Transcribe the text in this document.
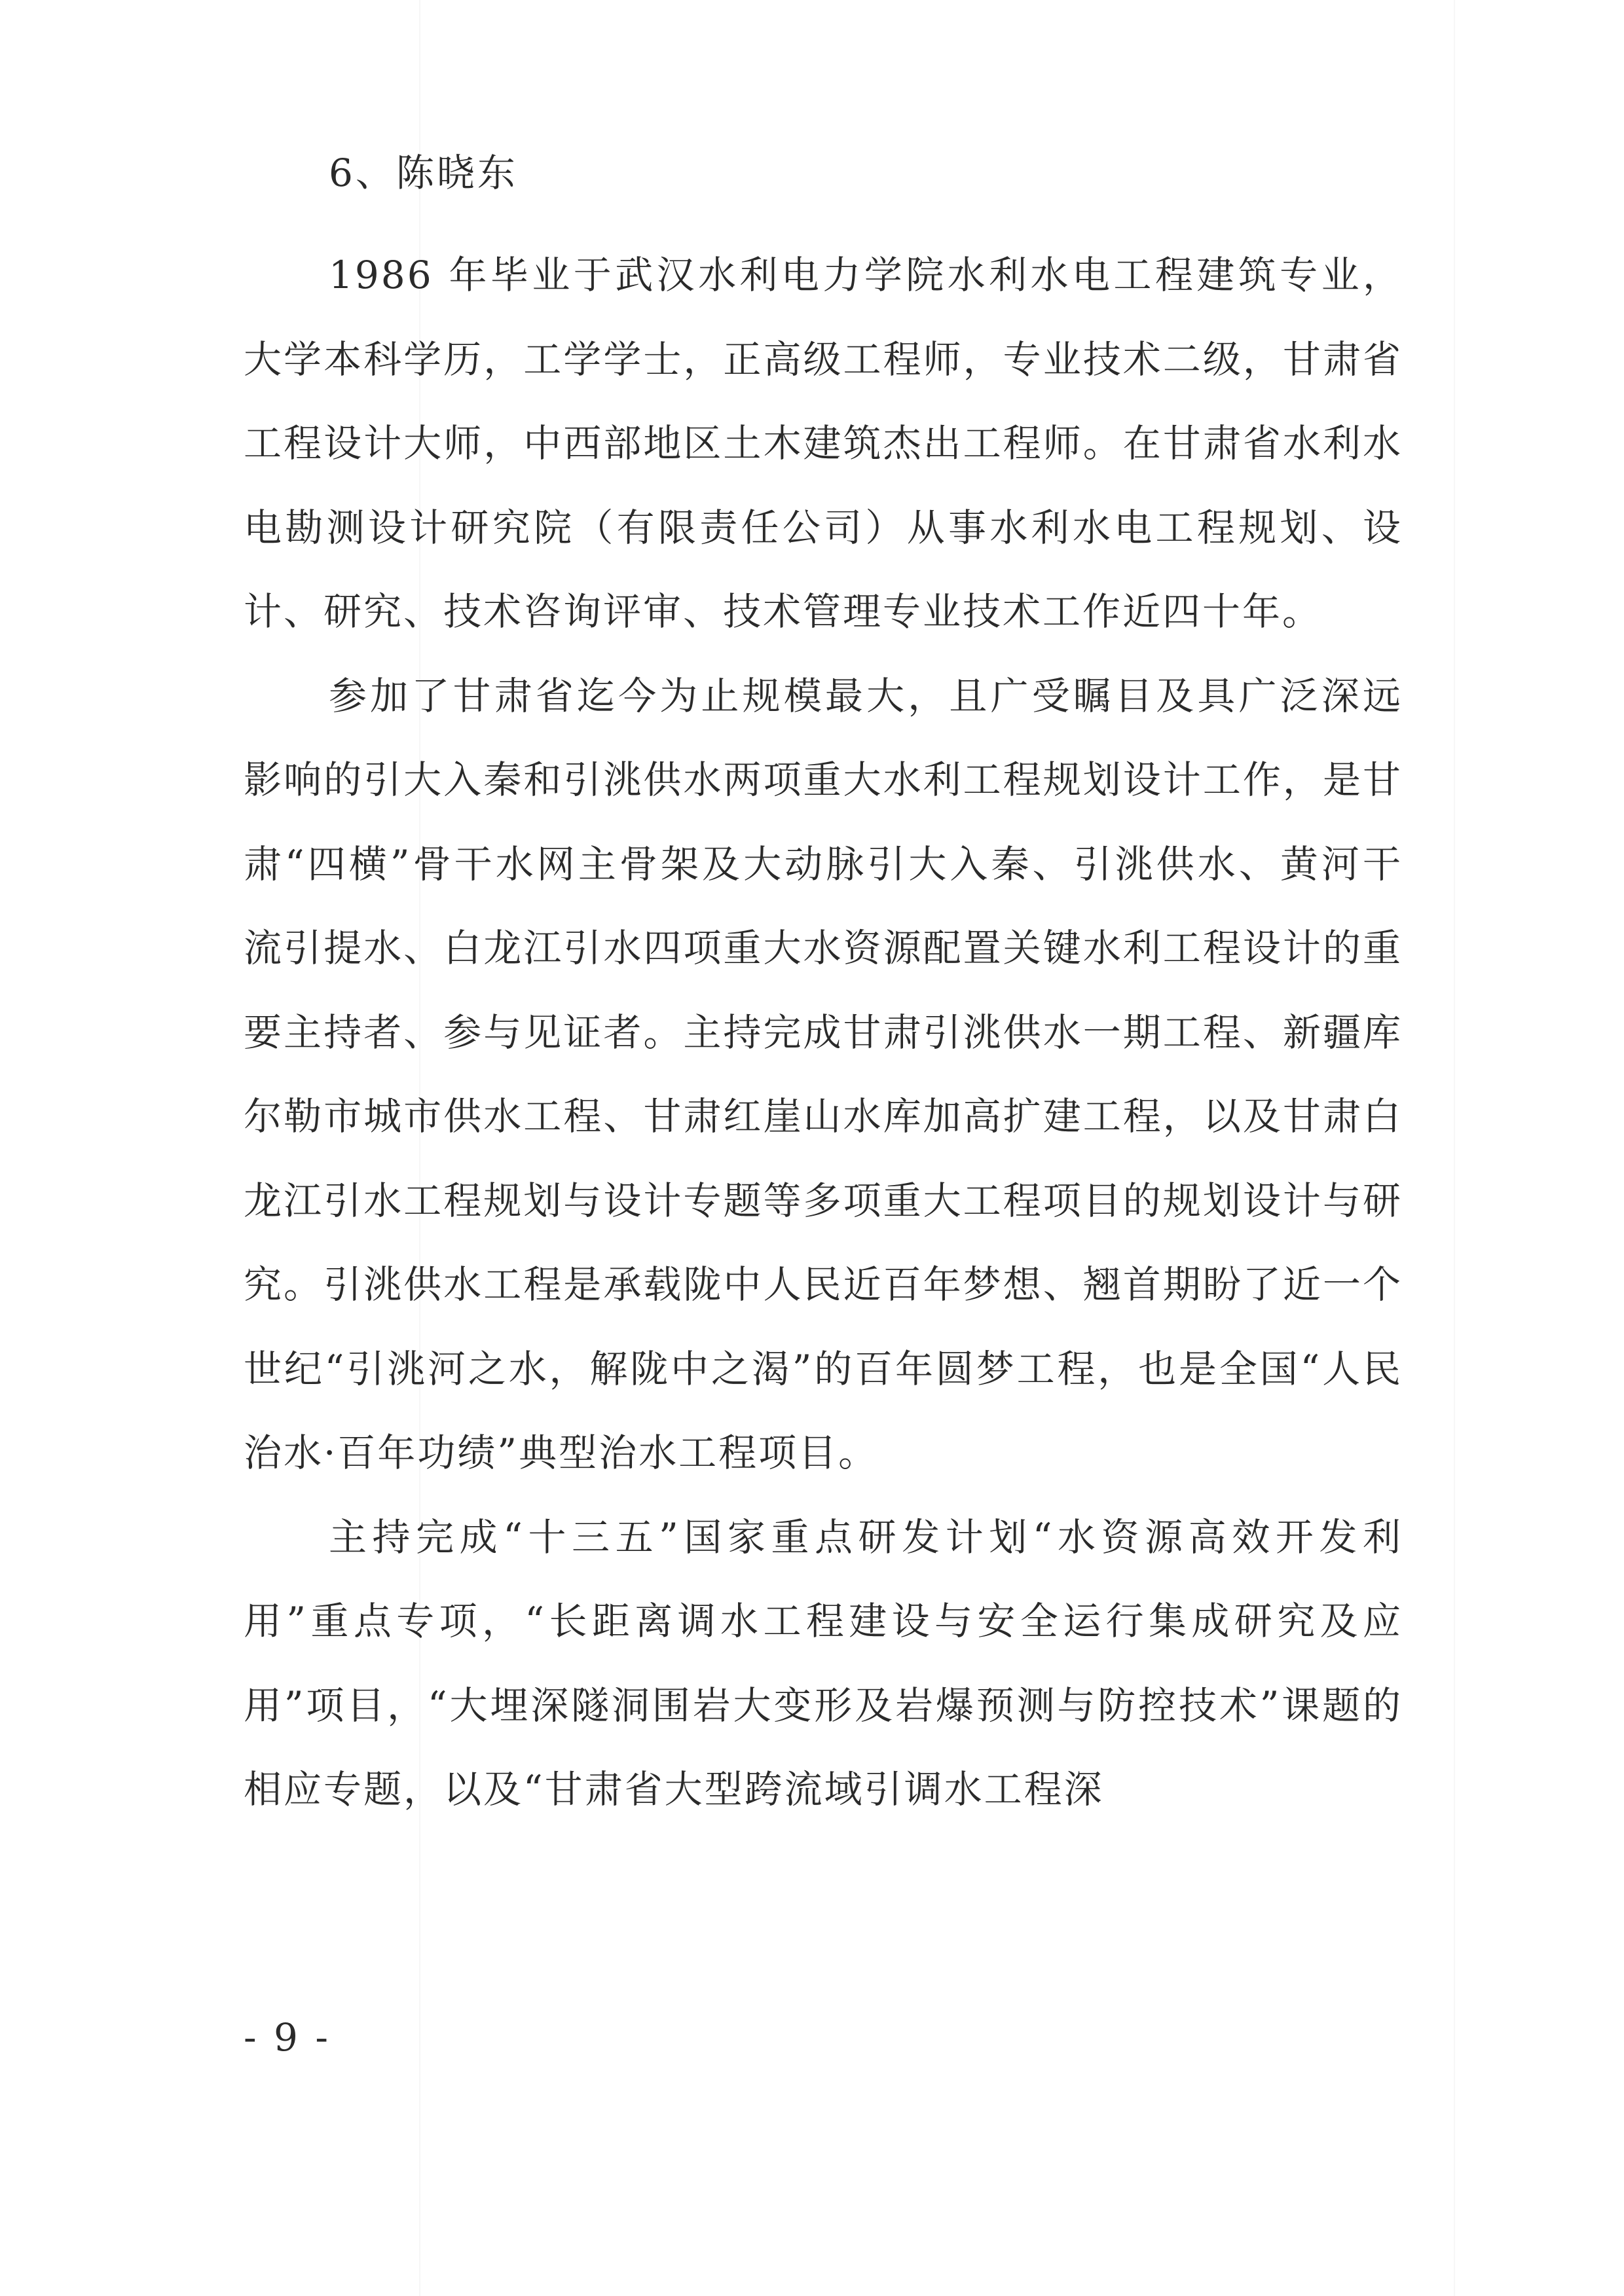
6、陈晓东

1986 年毕业于武汉水利电力学院水利水电工程建筑专业，大学本科学历，工学学士，正高级工程师，专业技术二级，甘肃省工程设计大师，中西部地区土木建筑杰出工程师。在甘肃省水利水电勘测设计研究院（有限责任公司）从事水利水电工程规划、设计、研究、技术咨询评审、技术管理专业技术工作近四十年。

参加了甘肃省迄今为止规模最大，且广受瞩目及具广泛深远影响的引大入秦和引洮供水两项重大水利工程规划设计工作，是甘肃“四横”骨干水网主骨架及大动脉引大入秦、引洮供水、黄河干流引提水、白龙江引水四项重大水资源配置关键水利工程设计的重要主持者、参与见证者。主持完成甘肃引洮供水一期工程、新疆库尔勒市城市供水工程、甘肃红崖山水库加高扩建工程，以及甘肃白龙江引水工程规划与设计专题等多项重大工程项目的规划设计与研究。引洮供水工程是承载陇中人民近百年梦想、翘首期盼了近一个世纪“引洮河之水，解陇中之渴”的百年圆梦工程，也是全国“人民治水·百年功绩”典型治水工程项目。

主持完成“十三五”国家重点研发计划“水资源高效开发利用”重点专项，“长距离调水工程建设与安全运行集成研究及应用”项目，“大埋深隧洞围岩大变形及岩爆预测与防控技术”课题的相应专题，以及“甘肃省大型跨流域引调水工程深

- 9 -
